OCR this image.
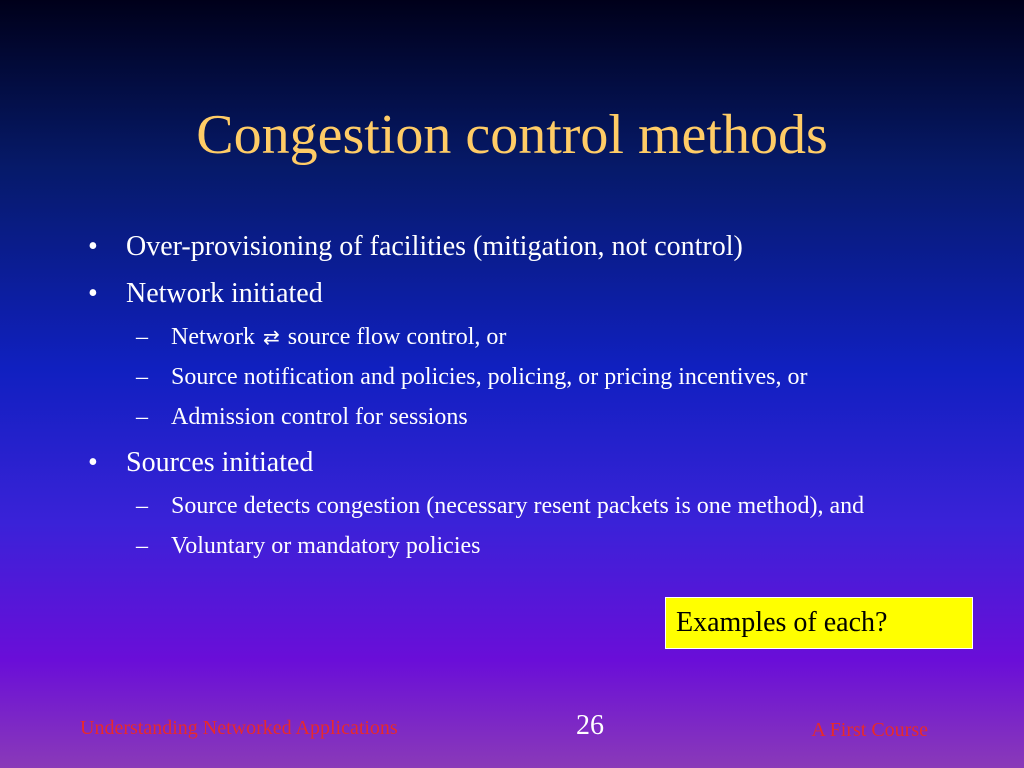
Congestion control methods
• Over-provisioning of facilities (mitigation, not control)
• Network initiated
– Network ⇄ source flow control, or
– Source notification and policies, policing, or pricing incentives, or
– Admission control for sessions
• Sources initiated
– Source detects congestion (necessary resent packets is one method), and
– Voluntary or mandatory policies
Examples of each?
Understanding Networked Applications	26	A First Course
